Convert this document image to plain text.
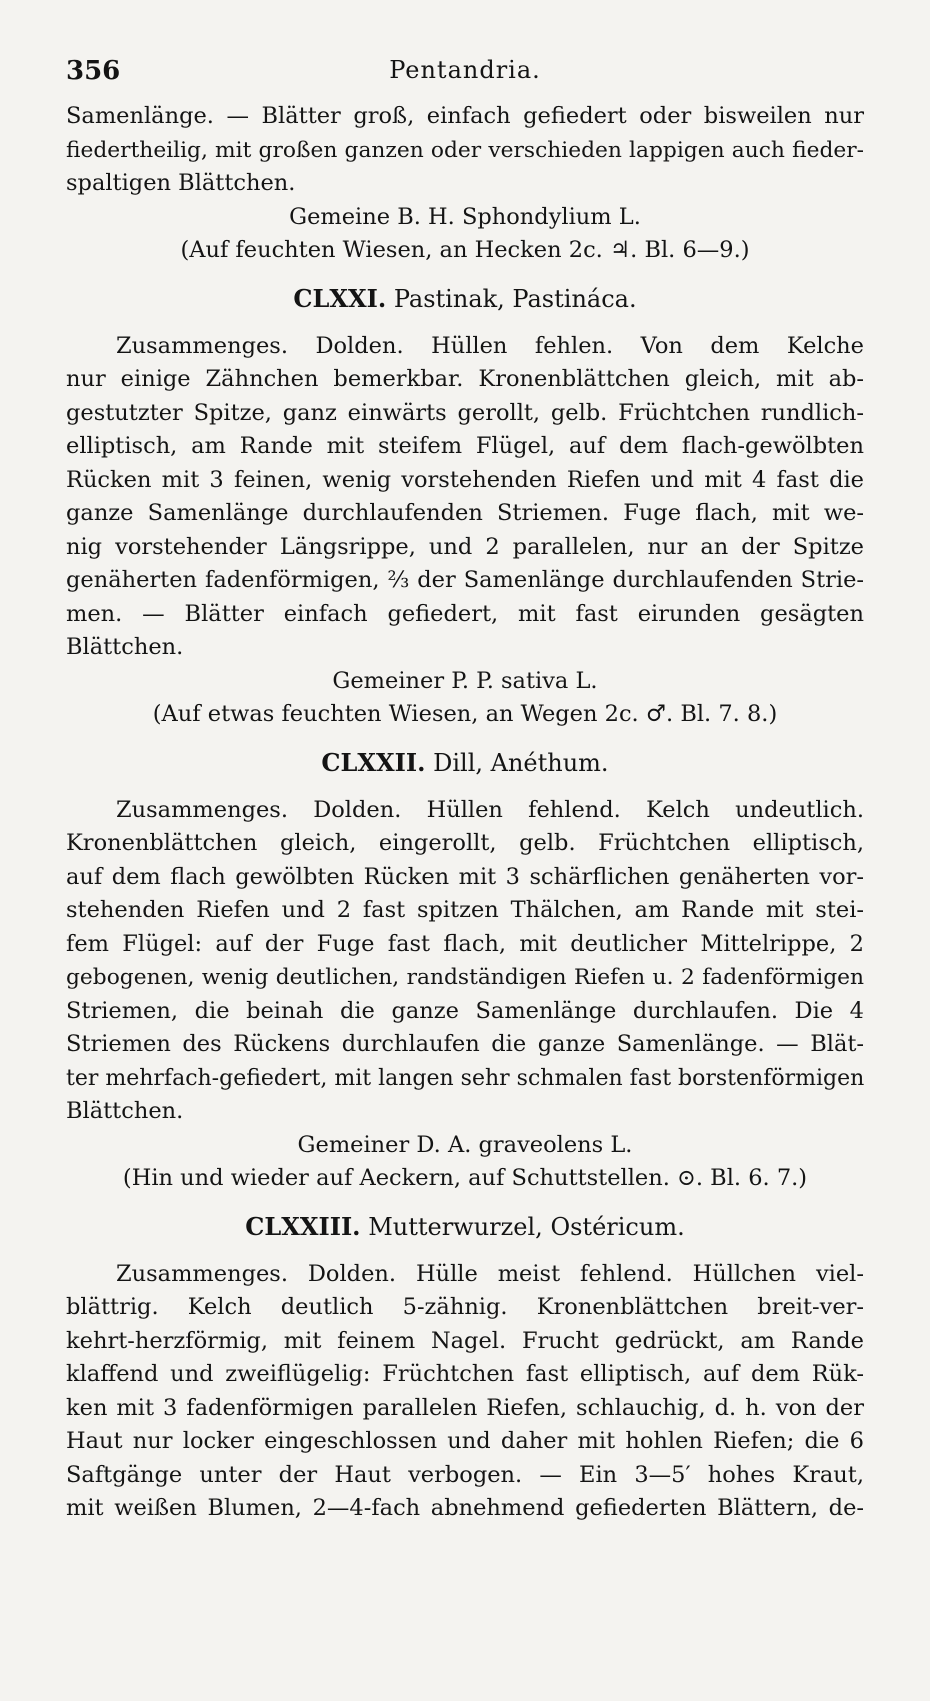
356	Pentandria.
Samenlänge. — Blätter groß, einfach gefiedert oder bisweilen nur
fiedertheilig, mit großen ganzen oder verschieden lappigen auch fieder-
spaltigen Blättchen.
Gemeine B. H. Sphondylium L.
(Auf feuchten Wiesen, an Hecken 2c. ♃. Bl. 6—9.)
CLXXI. Pastinak, Pastináca.
Zusammenges. Dolden. Hüllen fehlen. Von dem Kelche
nur einige Zähnchen bemerkbar. Kronenblättchen gleich, mit ab-
gestutzter Spitze, ganz einwärts gerollt, gelb. Früchtchen rundlich-
elliptisch, am Rande mit steifem Flügel, auf dem flach-gewölbten
Rücken mit 3 feinen, wenig vorstehenden Riefen und mit 4 fast die
ganze Samenlänge durchlaufenden Striemen. Fuge flach, mit we-
nig vorstehender Längsrippe, und 2 parallelen, nur an der Spitze
genäherten fadenförmigen, ⅔ der Samenlänge durchlaufenden Strie-
men. — Blätter einfach gefiedert, mit fast eirunden gesägten
Blättchen.
Gemeiner P. P. sativa L.
(Auf etwas feuchten Wiesen, an Wegen 2c. ♂. Bl. 7. 8.)
CLXXII. Dill, Anéthum.
Zusammenges. Dolden. Hüllen fehlend. Kelch undeutlich.
Kronenblättchen gleich, eingerollt, gelb. Früchtchen elliptisch,
auf dem flach gewölbten Rücken mit 3 schärflichen genäherten vor-
stehenden Riefen und 2 fast spitzen Thälchen, am Rande mit stei-
fem Flügel: auf der Fuge fast flach, mit deutlicher Mittelrippe, 2
gebogenen, wenig deutlichen, randständigen Riefen u. 2 fadenförmigen
Striemen, die beinah die ganze Samenlänge durchlaufen. Die 4
Striemen des Rückens durchlaufen die ganze Samenlänge. — Blät-
ter mehrfach-gefiedert, mit langen sehr schmalen fast borstenförmigen
Blättchen.
Gemeiner D. A. graveolens L.
(Hin und wieder auf Aeckern, auf Schuttstellen. ⊙. Bl. 6. 7.)
CLXXIII. Mutterwurzel, Ostéricum.
Zusammenges. Dolden. Hülle meist fehlend. Hüllchen viel-
blättrig. Kelch deutlich 5-zähnig. Kronenblättchen breit-ver-
kehrt-herzförmig, mit feinem Nagel. Frucht gedrückt, am Rande
klaffend und zweiflügelig: Früchtchen fast elliptisch, auf dem Rük-
ken mit 3 fadenförmigen parallelen Riefen, schlauchig, d. h. von der
Haut nur locker eingeschlossen und daher mit hohlen Riefen; die 6
Saftgänge unter der Haut verbogen. — Ein 3—5′ hohes Kraut,
mit weißen Blumen, 2—4-fach abnehmend gefiederten Blättern, de-
